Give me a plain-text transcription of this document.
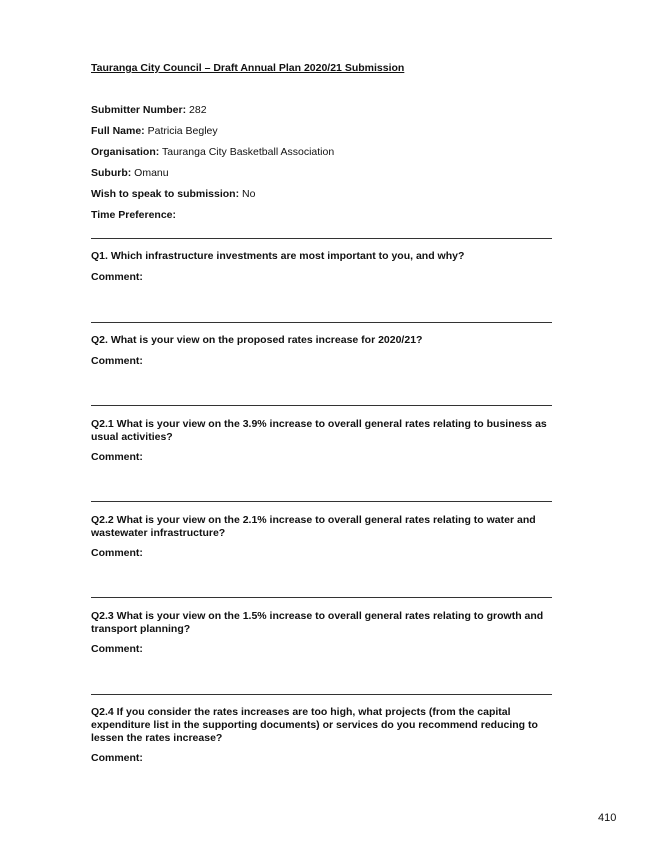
Tauranga City Council – Draft Annual Plan 2020/21 Submission
Submitter Number: 282
Full Name: Patricia Begley
Organisation: Tauranga City Basketball Association
Suburb: Omanu
Wish to speak to submission: No
Time Preference:
Q1. Which infrastructure investments are most important to you, and why?
Comment:
Q2. What is your view on the proposed rates increase for 2020/21?
Comment:
Q2.1 What is your view on the 3.9% increase to overall general rates relating to business as usual activities?
Comment:
Q2.2 What is your view on the 2.1% increase to overall general rates relating to water and wastewater infrastructure?
Comment:
Q2.3 What is your view on the 1.5% increase to overall general rates relating to growth and transport planning?
Comment:
Q2.4 If you consider the rates increases are too high, what projects (from the capital expenditure list in the supporting documents) or services do you recommend reducing to lessen the rates increase?
Comment:
410
